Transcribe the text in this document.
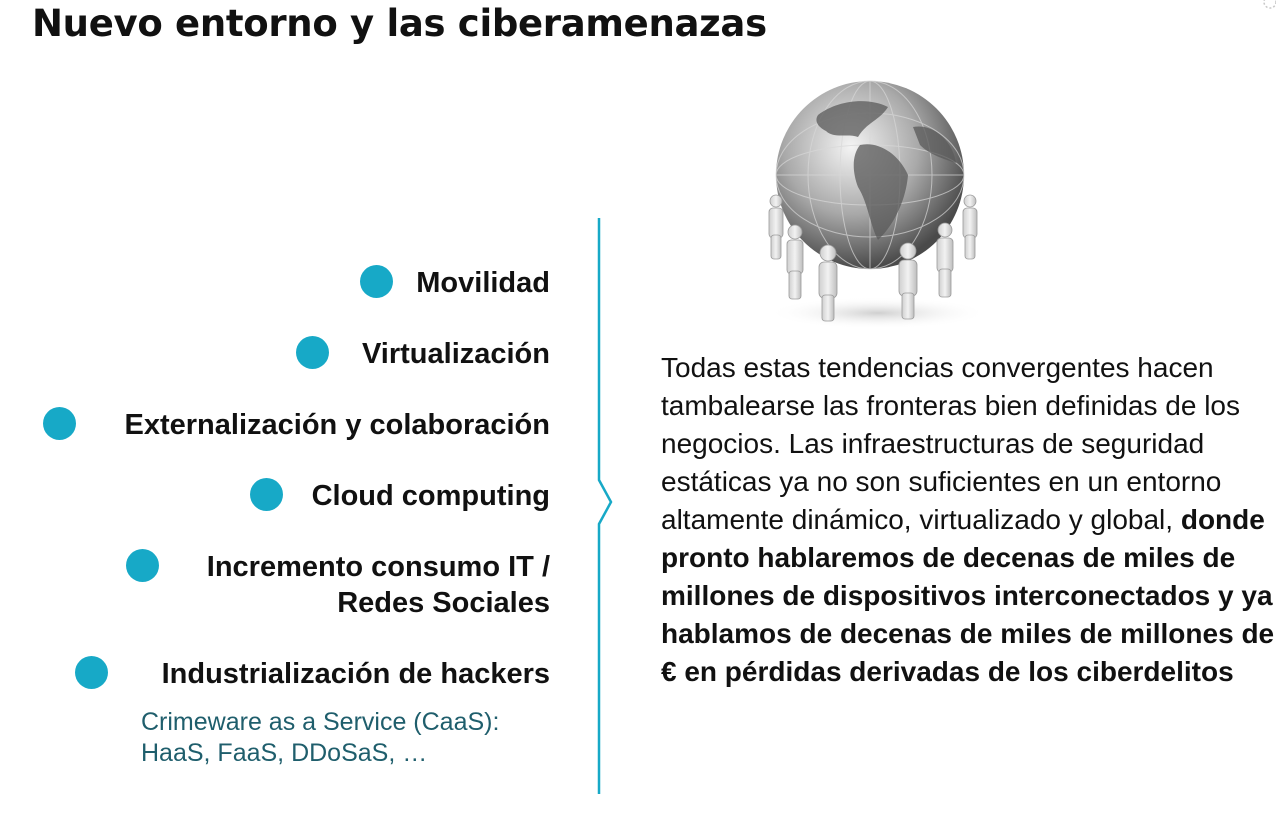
Nuevo entorno y las ciberamenazas
Movilidad
Virtualización
Externalización y colaboración
Cloud computing
Incremento consumo IT /
Redes Sociales
Industrialización de hackers
Crimeware as a Service (CaaS):
HaaS, FaaS, DDoSaS, …

Todas estas tendencias convergentes hacen tambalearse las fronteras bien definidas de los negocios. Las infraestructuras de seguridad estáticas ya no son suficientes en un entorno altamente dinámico, virtualizado y global, donde pronto hablaremos de decenas de miles de millones de dispositivos interconectados y ya hablamos de decenas de miles de millones de € en pérdidas derivadas de los ciberdelitos
